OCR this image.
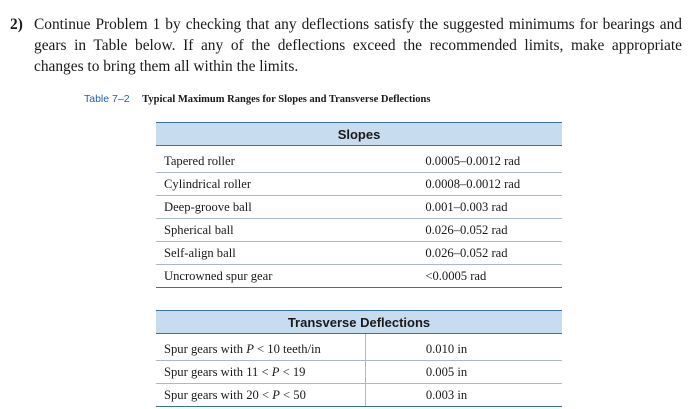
2) Continue Problem 1 by checking that any deflections satisfy the suggested minimums for bearings and gears in Table below. If any of the deflections exceed the recommended limits, make appropriate changes to bring them all within the limits.
Table 7–2 Typical Maximum Ranges for Slopes and Transverse Deflections
Slopes	
Tapered roller	0.0005–0.0012 rad
Cylindrical roller	0.0008–0.0012 rad
Deep-groove ball	0.001–0.003 rad
Spherical ball	0.026–0.052 rad
Self-align ball	0.026–0.052 rad
Uncrowned spur gear	<0.0005 rad

Transverse Deflections	
Spur gears with P < 10 teeth/in	0.010 in
Spur gears with 11 < P < 19	0.005 in
Spur gears with 20 < P < 50	0.003 in
